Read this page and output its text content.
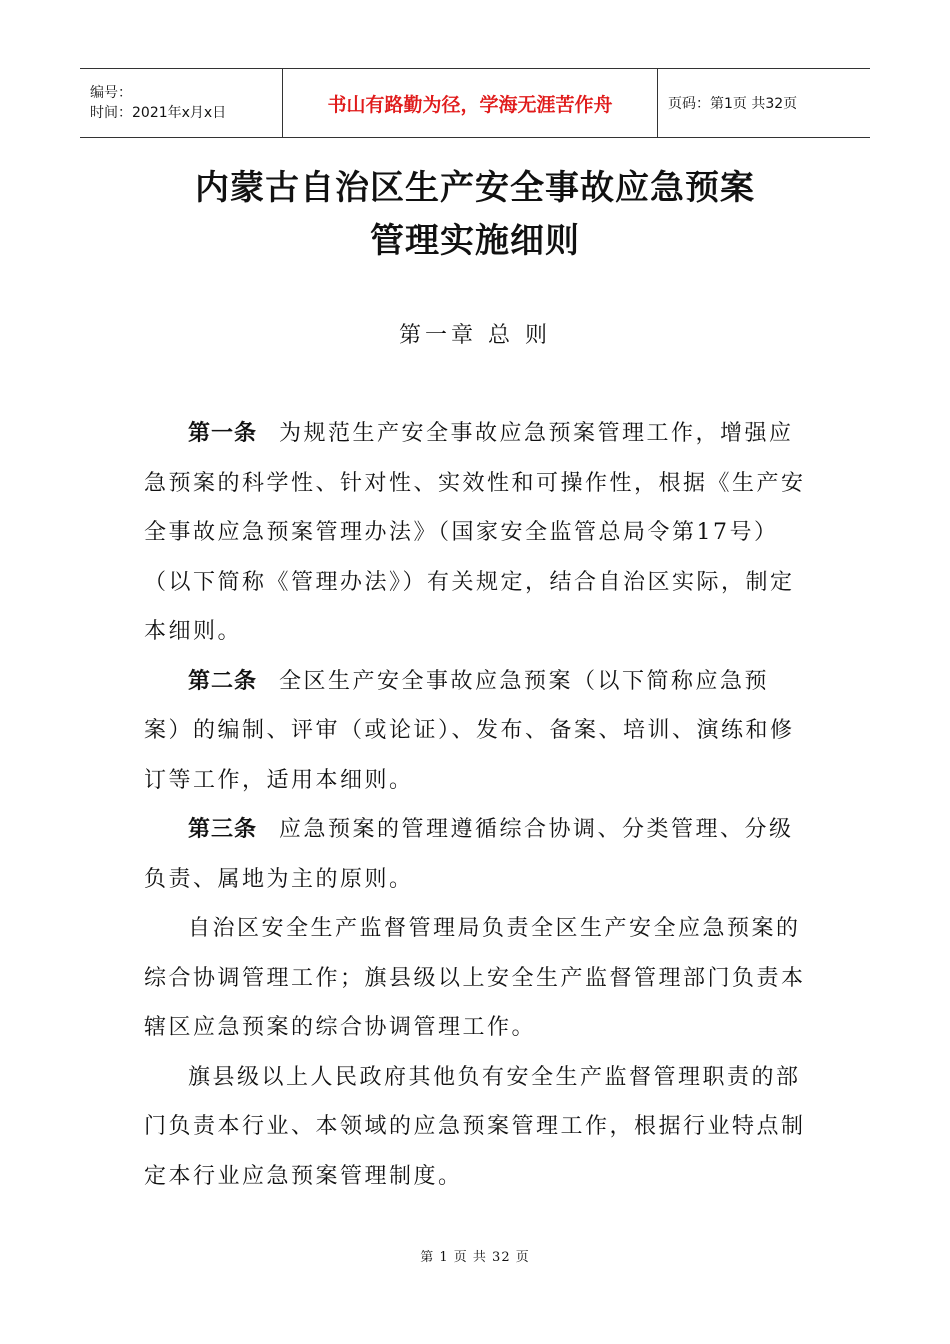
编号：
时间：2021年x月x日	书山有路勤为径，学海无涯苦作舟	页码：第1页 共32页
内蒙古自治区生产安全事故应急预案
管理实施细则
第一章 总 则

第一条 为规范生产安全事故应急预案管理工作，增强应急预案的科学性、针对性、实效性和可操作性，根据《生产安全事故应急预案管理办法》（国家安全监管总局令第17号）（以下简称《管理办法》）有关规定，结合自治区实际，制定本细则。

第二条 全区生产安全事故应急预案（以下简称应急预案）的编制、评审（或论证）、发布、备案、培训、演练和修订等工作，适用本细则。

第三条 应急预案的管理遵循综合协调、分类管理、分级负责、属地为主的原则。

自治区安全生产监督管理局负责全区生产安全应急预案的综合协调管理工作；旗县级以上安全生产监督管理部门负责本辖区应急预案的综合协调管理工作。

旗县级以上人民政府其他负有安全生产监督管理职责的部门负责本行业、本领域的应急预案管理工作，根据行业特点制定本行业应急预案管理制度。

第 1 页 共 32 页
